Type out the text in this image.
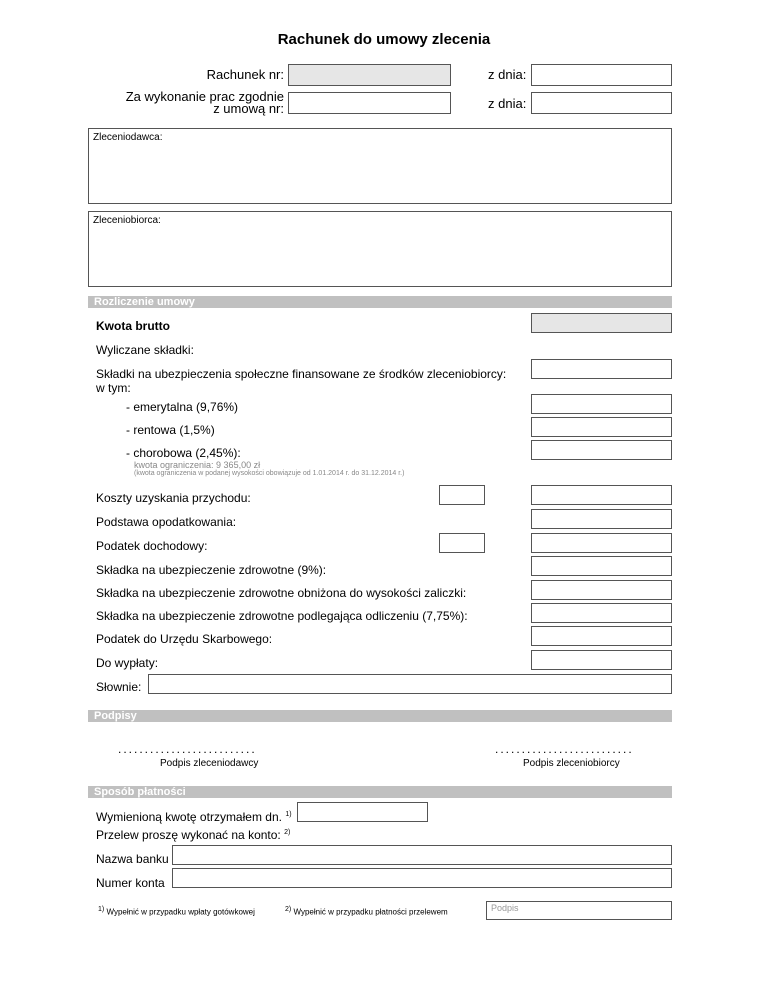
Rachunek do umowy zlecenia
Rachunek nr:	z dnia:
Za wykonanie prac zgodnie
z umową nr:	z dnia:
Zleceniodawca:
Zleceniobiorca:
Rozliczenie umowy
Kwota brutto
Wyliczane składki:
Składki na ubezpieczenia społeczne finansowane ze środków zleceniobiorcy:
w tym:
- emerytalna (9,76%)
- rentowa (1,5%)
- chorobowa (2,45%):
kwota ograniczenia: 9 365,00 zł
(kwota ograniczenia w podanej wysokości obowiązuje od 1.01.2014 r. do 31.12.2014 r.)
Koszty uzyskania przychodu:
Podstawa opodatkowania:
Podatek dochodowy:
Składka na ubezpieczenie zdrowotne (9%):
Składka na ubezpieczenie zdrowotne obniżona do wysokości zaliczki:
Składka na ubezpieczenie zdrowotne podlegająca odliczeniu (7,75%):
Podatek do Urzędu Skarbowego:
Do wypłaty:
Słownie:
Podpisy
..........................
Podpis zleceniodawcy
..........................
Podpis zleceniobiorcy
Sposób płatności
Wymienioną kwotę otrzymałem dn. $^{1)}$
Przelew proszę wykonać na konto: $^{2)}$
Nazwa banku
Numer konta
$^{1)}$ Wypełnić w przypadku wpłaty gotówkowej	$^{2)}$ Wypełnić w przypadku płatności przelewem	Podpis
